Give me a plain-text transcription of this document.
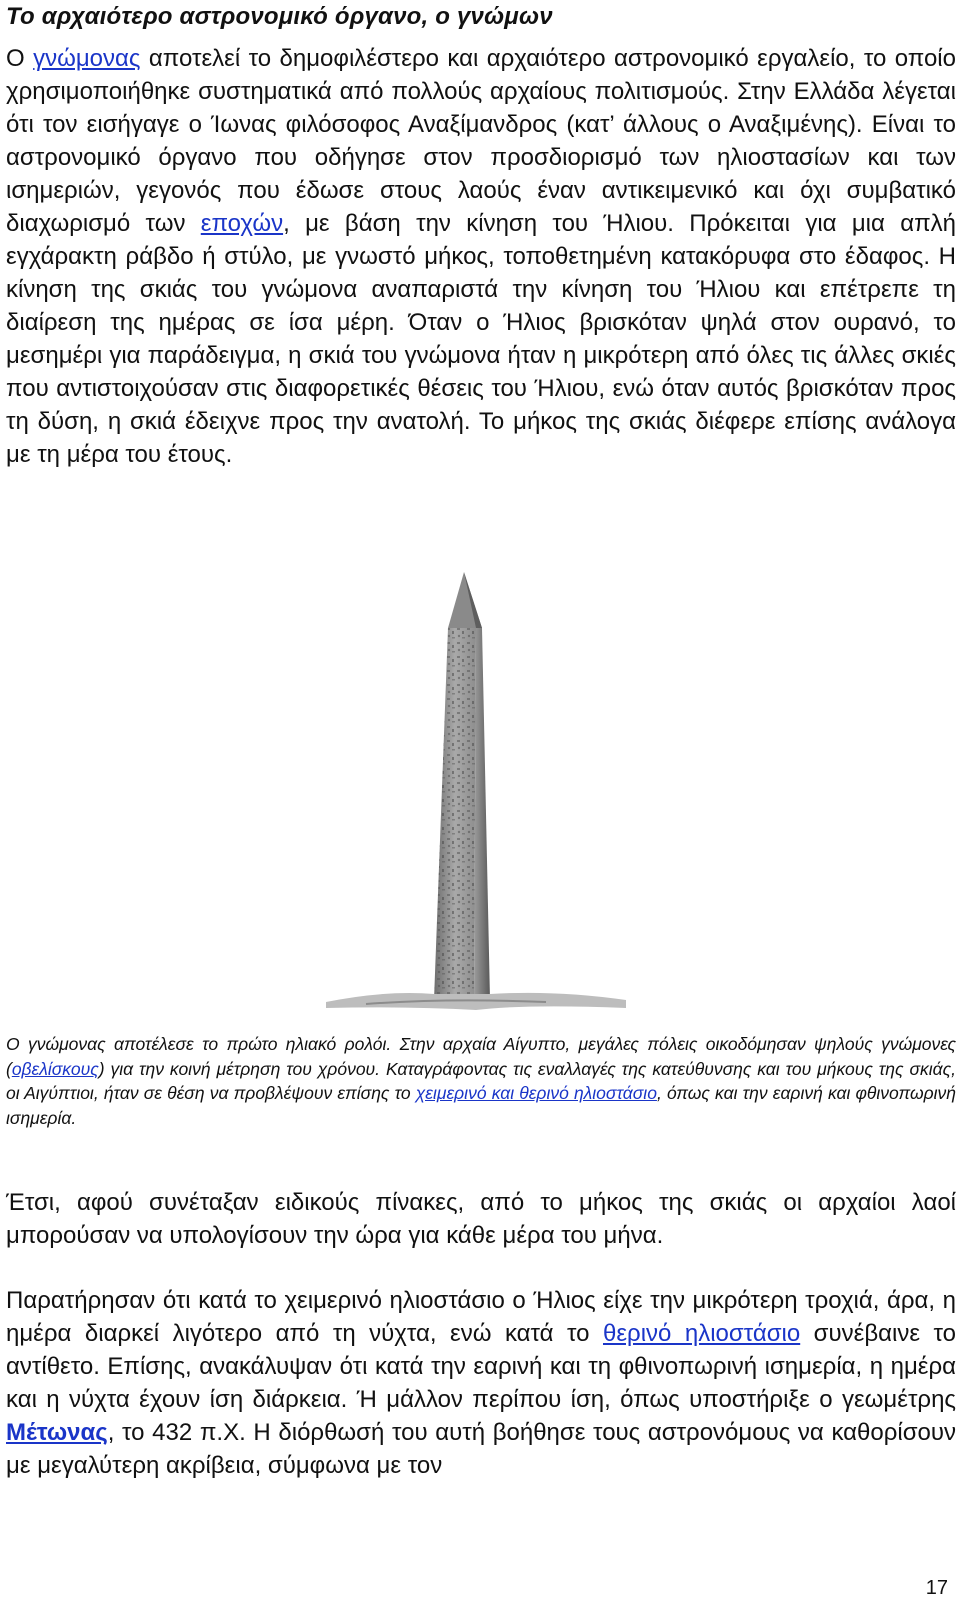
Το αρχαιότερο αστρονομικό όργανο, ο γνώμων

Ο γνώμονας αποτελεί το δημοφιλέστερο και αρχαιότερο αστρονομικό εργαλείο, το οποίο χρησιμοποιήθηκε συστηματικά από πολλούς αρχαίους πολιτισμούς. Στην Ελλάδα λέγεται ότι τον εισήγαγε ο Ίωνας φιλόσοφος Αναξίμανδρος (κατ’ άλλους ο Αναξιμένης). Είναι το αστρονομικό όργανο που οδήγησε στον προσδιορισμό των ηλιοστασίων και των ισημεριών, γεγονός που έδωσε στους λαούς έναν αντικειμενικό και όχι συμβατικό διαχωρισμό των εποχών, με βάση την κίνηση του Ήλιου. Πρόκειται για μια απλή εγχάρακτη ράβδο ή στύλο, με γνωστό μήκος, τοποθετημένη κατακόρυφα στο έδαφος. Η κίνηση της σκιάς του γνώμονα αναπαριστά την κίνηση του Ήλιου και επέτρεπε τη διαίρεση της ημέρας σε ίσα μέρη. Όταν ο Ήλιος βρισκόταν ψηλά στον ουρανό, το μεσημέρι για παράδειγμα, η σκιά του γνώμονα ήταν η μικρότερη από όλες τις άλλες σκιές που αντιστοιχούσαν στις διαφορετικές θέσεις του Ήλιου, ενώ όταν αυτός βρισκόταν προς τη δύση, η σκιά έδειχνε προς την ανατολή. Το μήκος της σκιάς διέφερε επίσης ανάλογα με τη μέρα του έτους.

Ο γνώμονας αποτέλεσε το πρώτο ηλιακό ρολόι. Στην αρχαία Αίγυπτο, μεγάλες πόλεις οικοδόμησαν ψηλούς γνώμονες (οβελίσκους) για την κοινή μέτρηση του χρόνου. Καταγράφοντας τις εναλλαγές της κατεύθυνσης και του μήκους της σκιάς, οι Αιγύπτιοι, ήταν σε θέση να προβλέψουν επίσης το χειμερινό και θερινό ηλιοστάσιο, όπως και την εαρινή και φθινοπωρινή ισημερία.

Έτσι, αφού συνέταξαν ειδικούς πίνακες, από το μήκος της σκιάς οι αρχαίοι λαοί μπορούσαν να υπολογίσουν την ώρα για κάθε μέρα του μήνα.

Παρατήρησαν ότι κατά το χειμερινό ηλιοστάσιο ο Ήλιος είχε την μικρότερη τροχιά, άρα, η ημέρα διαρκεί λιγότερο από τη νύχτα, ενώ κατά το θερινό ηλιοστάσιο συνέβαινε το αντίθετο. Επίσης, ανακάλυψαν ότι κατά την εαρινή και τη φθινοπωρινή ισημερία, η ημέρα και η νύχτα έχουν ίση διάρκεια. Ή μάλλον περίπου ίση, όπως υποστήριξε ο γεωμέτρης Μέτωνας, το 432 π.Χ. Η διόρθωσή του αυτή βοήθησε τους αστρονόμους να καθορίσουν με μεγαλύτερη ακρίβεια, σύμφωνα με τον

17
